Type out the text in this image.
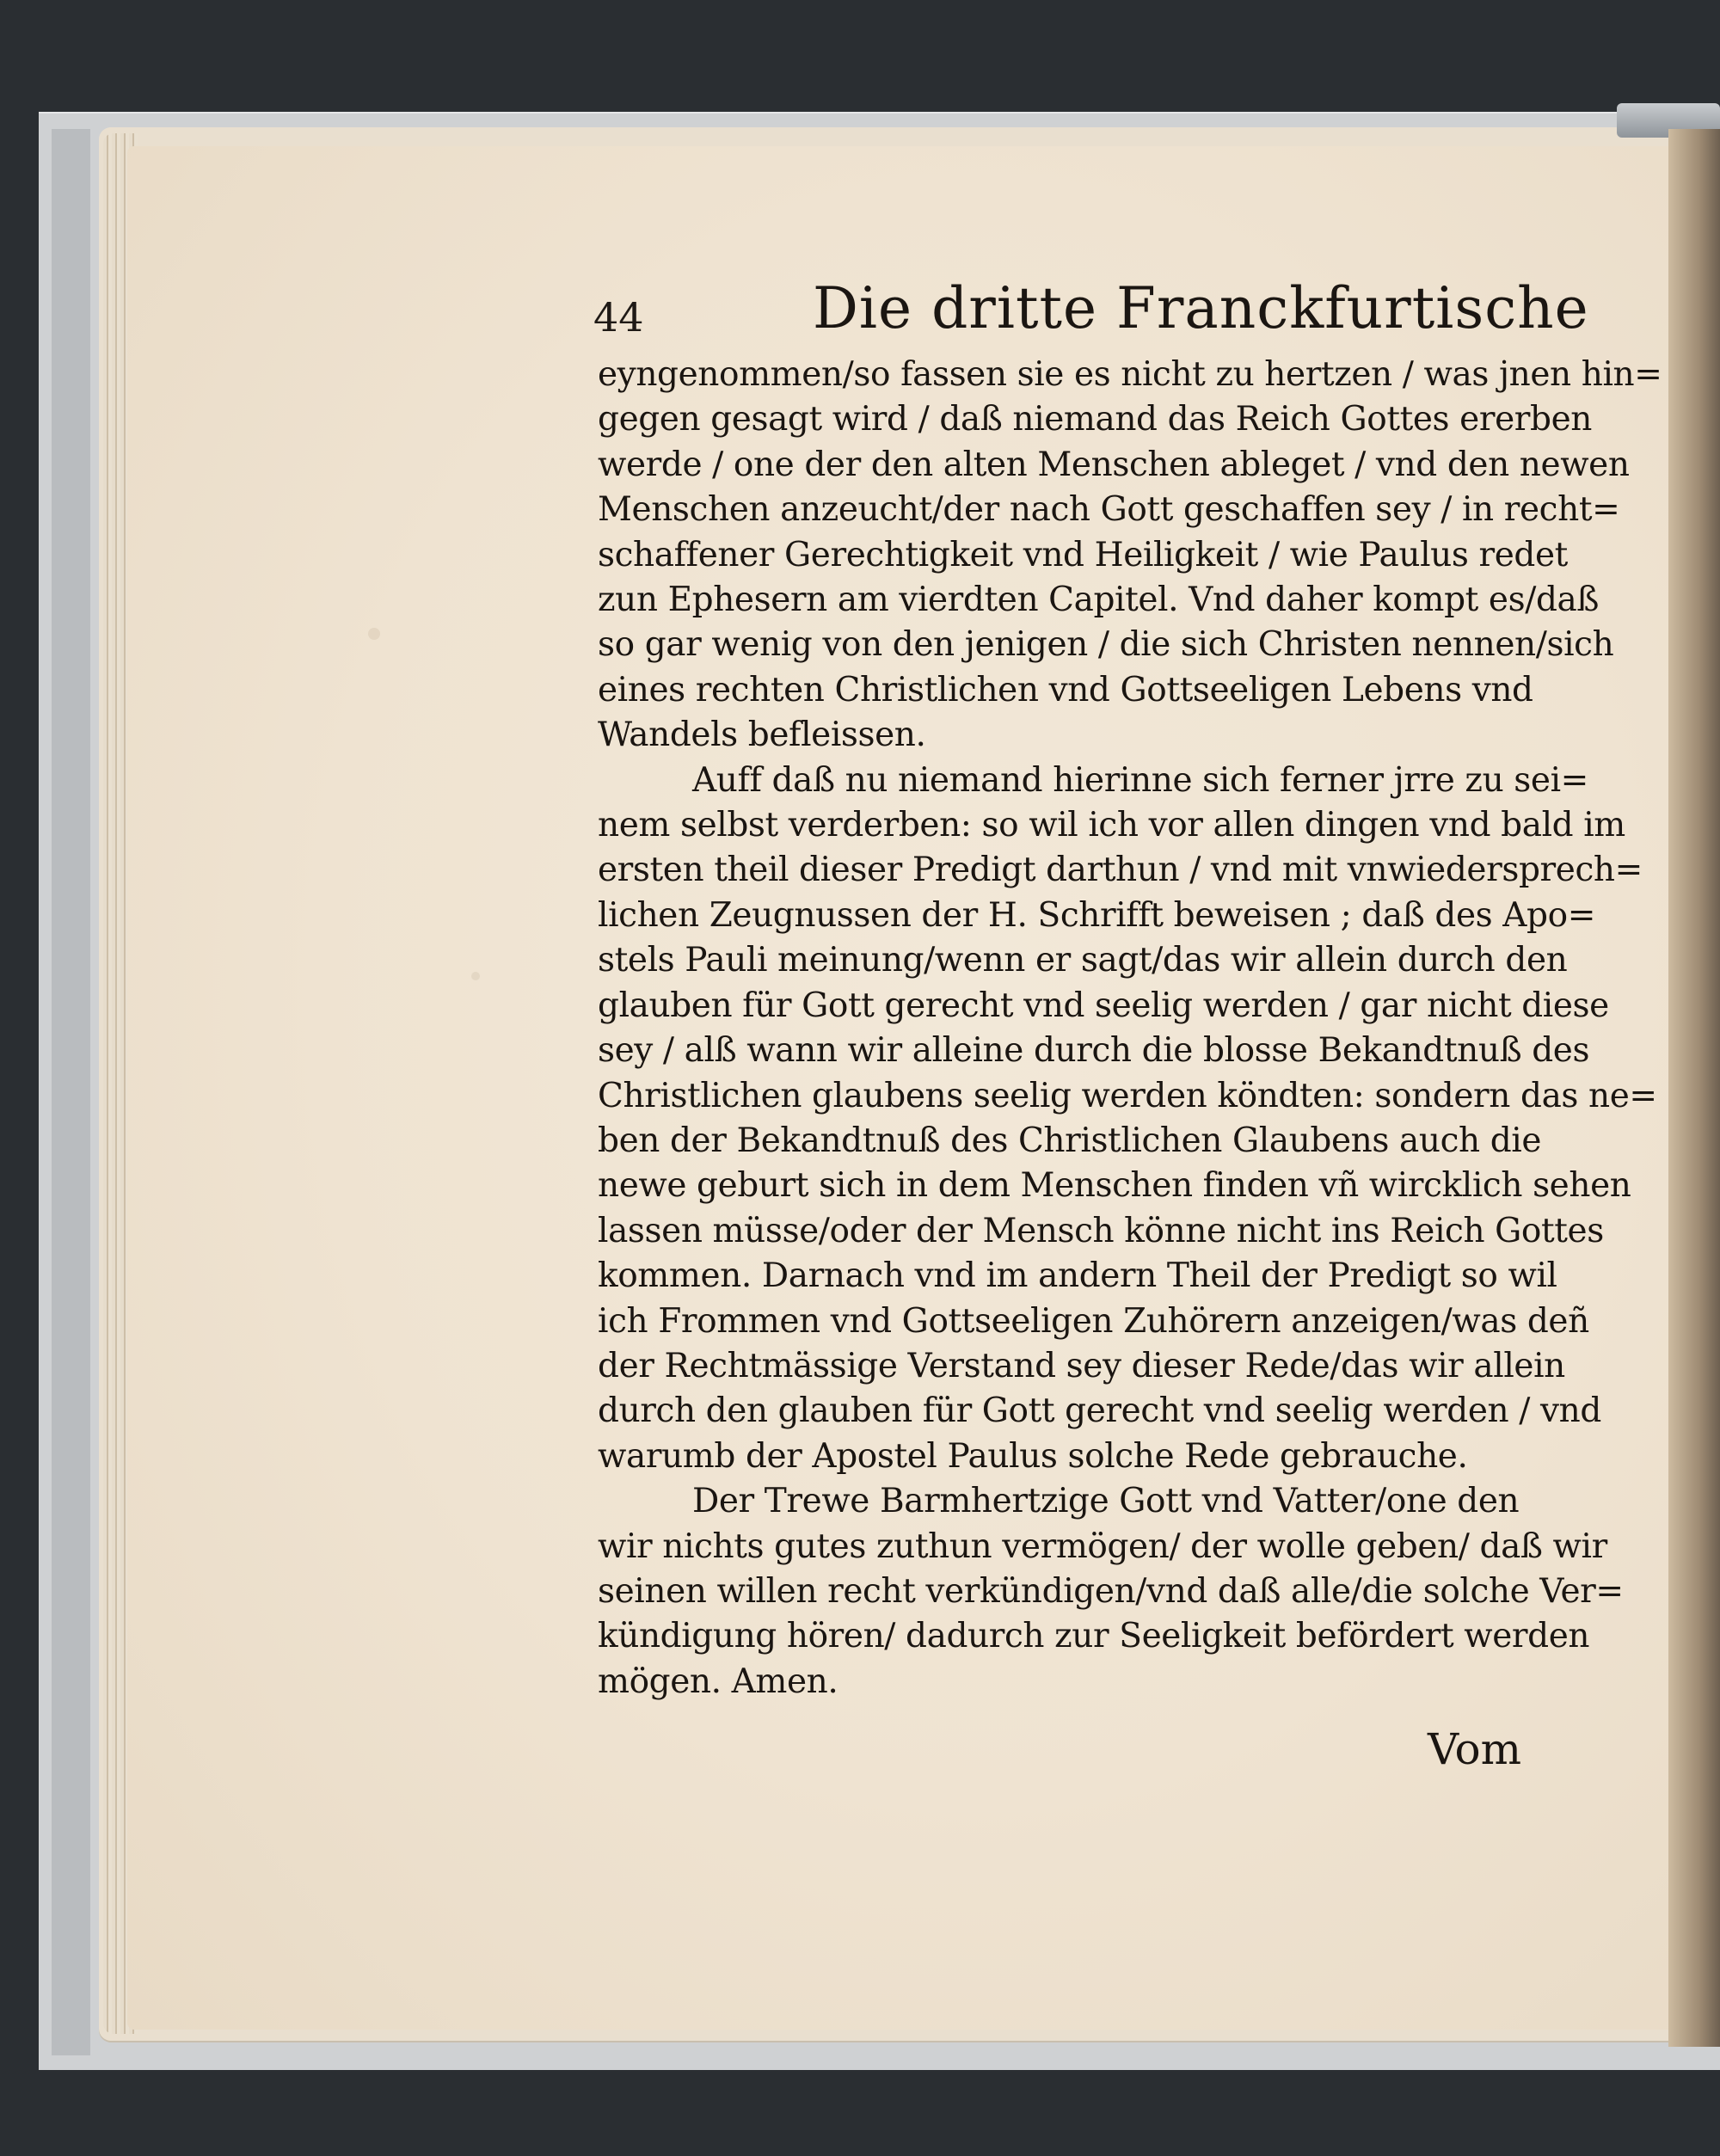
44	Die dritte Franckfurtische

eyngenommen/so fassen sie es nicht zu hertzen / was jnen hin=

gegen gesagt wird / daß niemand das Reich Gottes ererben

werde / one der den alten Menschen ableget / vnd den newen

Menschen anzeucht/der nach Gott geschaffen sey / in recht=

schaffener Gerechtigkeit vnd Heiligkeit / wie Paulus redet

zun Ephesern am vierdten Capitel. Vnd daher kompt es/daß

so gar wenig von den jenigen / die sich Christen nennen/sich

eines rechten Christlichen vnd Gottseeligen Lebens vnd

Wandels befleissen.

Auff daß nu niemand hierinne sich ferner jrre zu sei=

nem selbst verderben: so wil ich vor allen dingen vnd bald im

ersten theil dieser Predigt darthun / vnd mit vnwiedersprech=

lichen Zeugnussen der H. Schrifft beweisen ; daß des Apo=

stels Pauli meinung/wenn er sagt/das wir allein durch den

glauben für Gott gerecht vnd seelig werden / gar nicht diese

sey / alß wann wir alleine durch die blosse Bekandtnuß des

Christlichen glaubens seelig werden köndten: sondern das ne=

ben der Bekandtnuß des Christlichen Glaubens auch die

newe geburt sich in dem Menschen finden vñ wircklich sehen

lassen müsse/oder der Mensch könne nicht ins Reich Gottes

kommen. Darnach vnd im andern Theil der Predigt so wil

ich Frommen vnd Gottseeligen Zuhörern anzeigen/was deñ

der Rechtmässige Verstand sey dieser Rede/das wir allein

durch den glauben für Gott gerecht vnd seelig werden / vnd

warumb der Apostel Paulus solche Rede gebrauche.

Der Trewe Barmhertzige Gott vnd Vatter/one den

wir nichts gutes zuthun vermögen/ der wolle geben/ daß wir

seinen willen recht verkündigen/vnd daß alle/die solche Ver=

kündigung hören/ dadurch zur Seeligkeit befördert werden

mögen. Amen.

Vom
